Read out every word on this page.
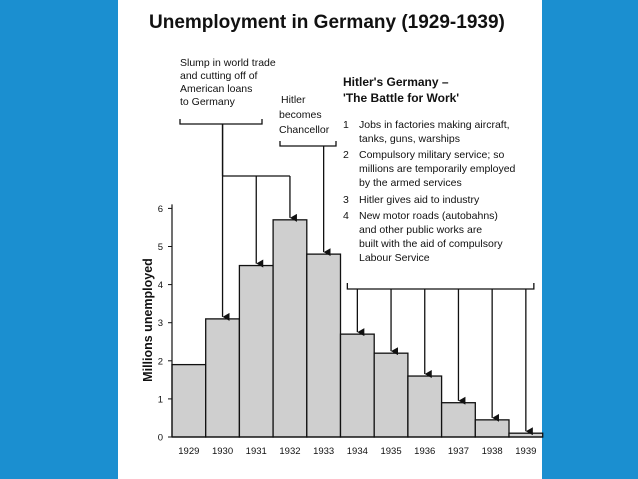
Unemployment in Germany (1929-1939)
Millions unemployed
0
1
2
3
4
5
6
1929 1930 1931 1932 1933 1934 1935 1936 1937 1938 1939
Slump in world trade
and cutting off of
American loans
to Germany	Hitler
becomes
Chancellor
Hitler's Germany –
'The Battle for Work'
1 Jobs in factories making aircraft,
tanks, guns, warships
2 Compulsory military service; so
millions are temporarily employed
by the armed services
3 Hitler gives aid to industry
4 New motor roads (autobahns)
and other public works are
built with the aid of compulsory
Labour Service
